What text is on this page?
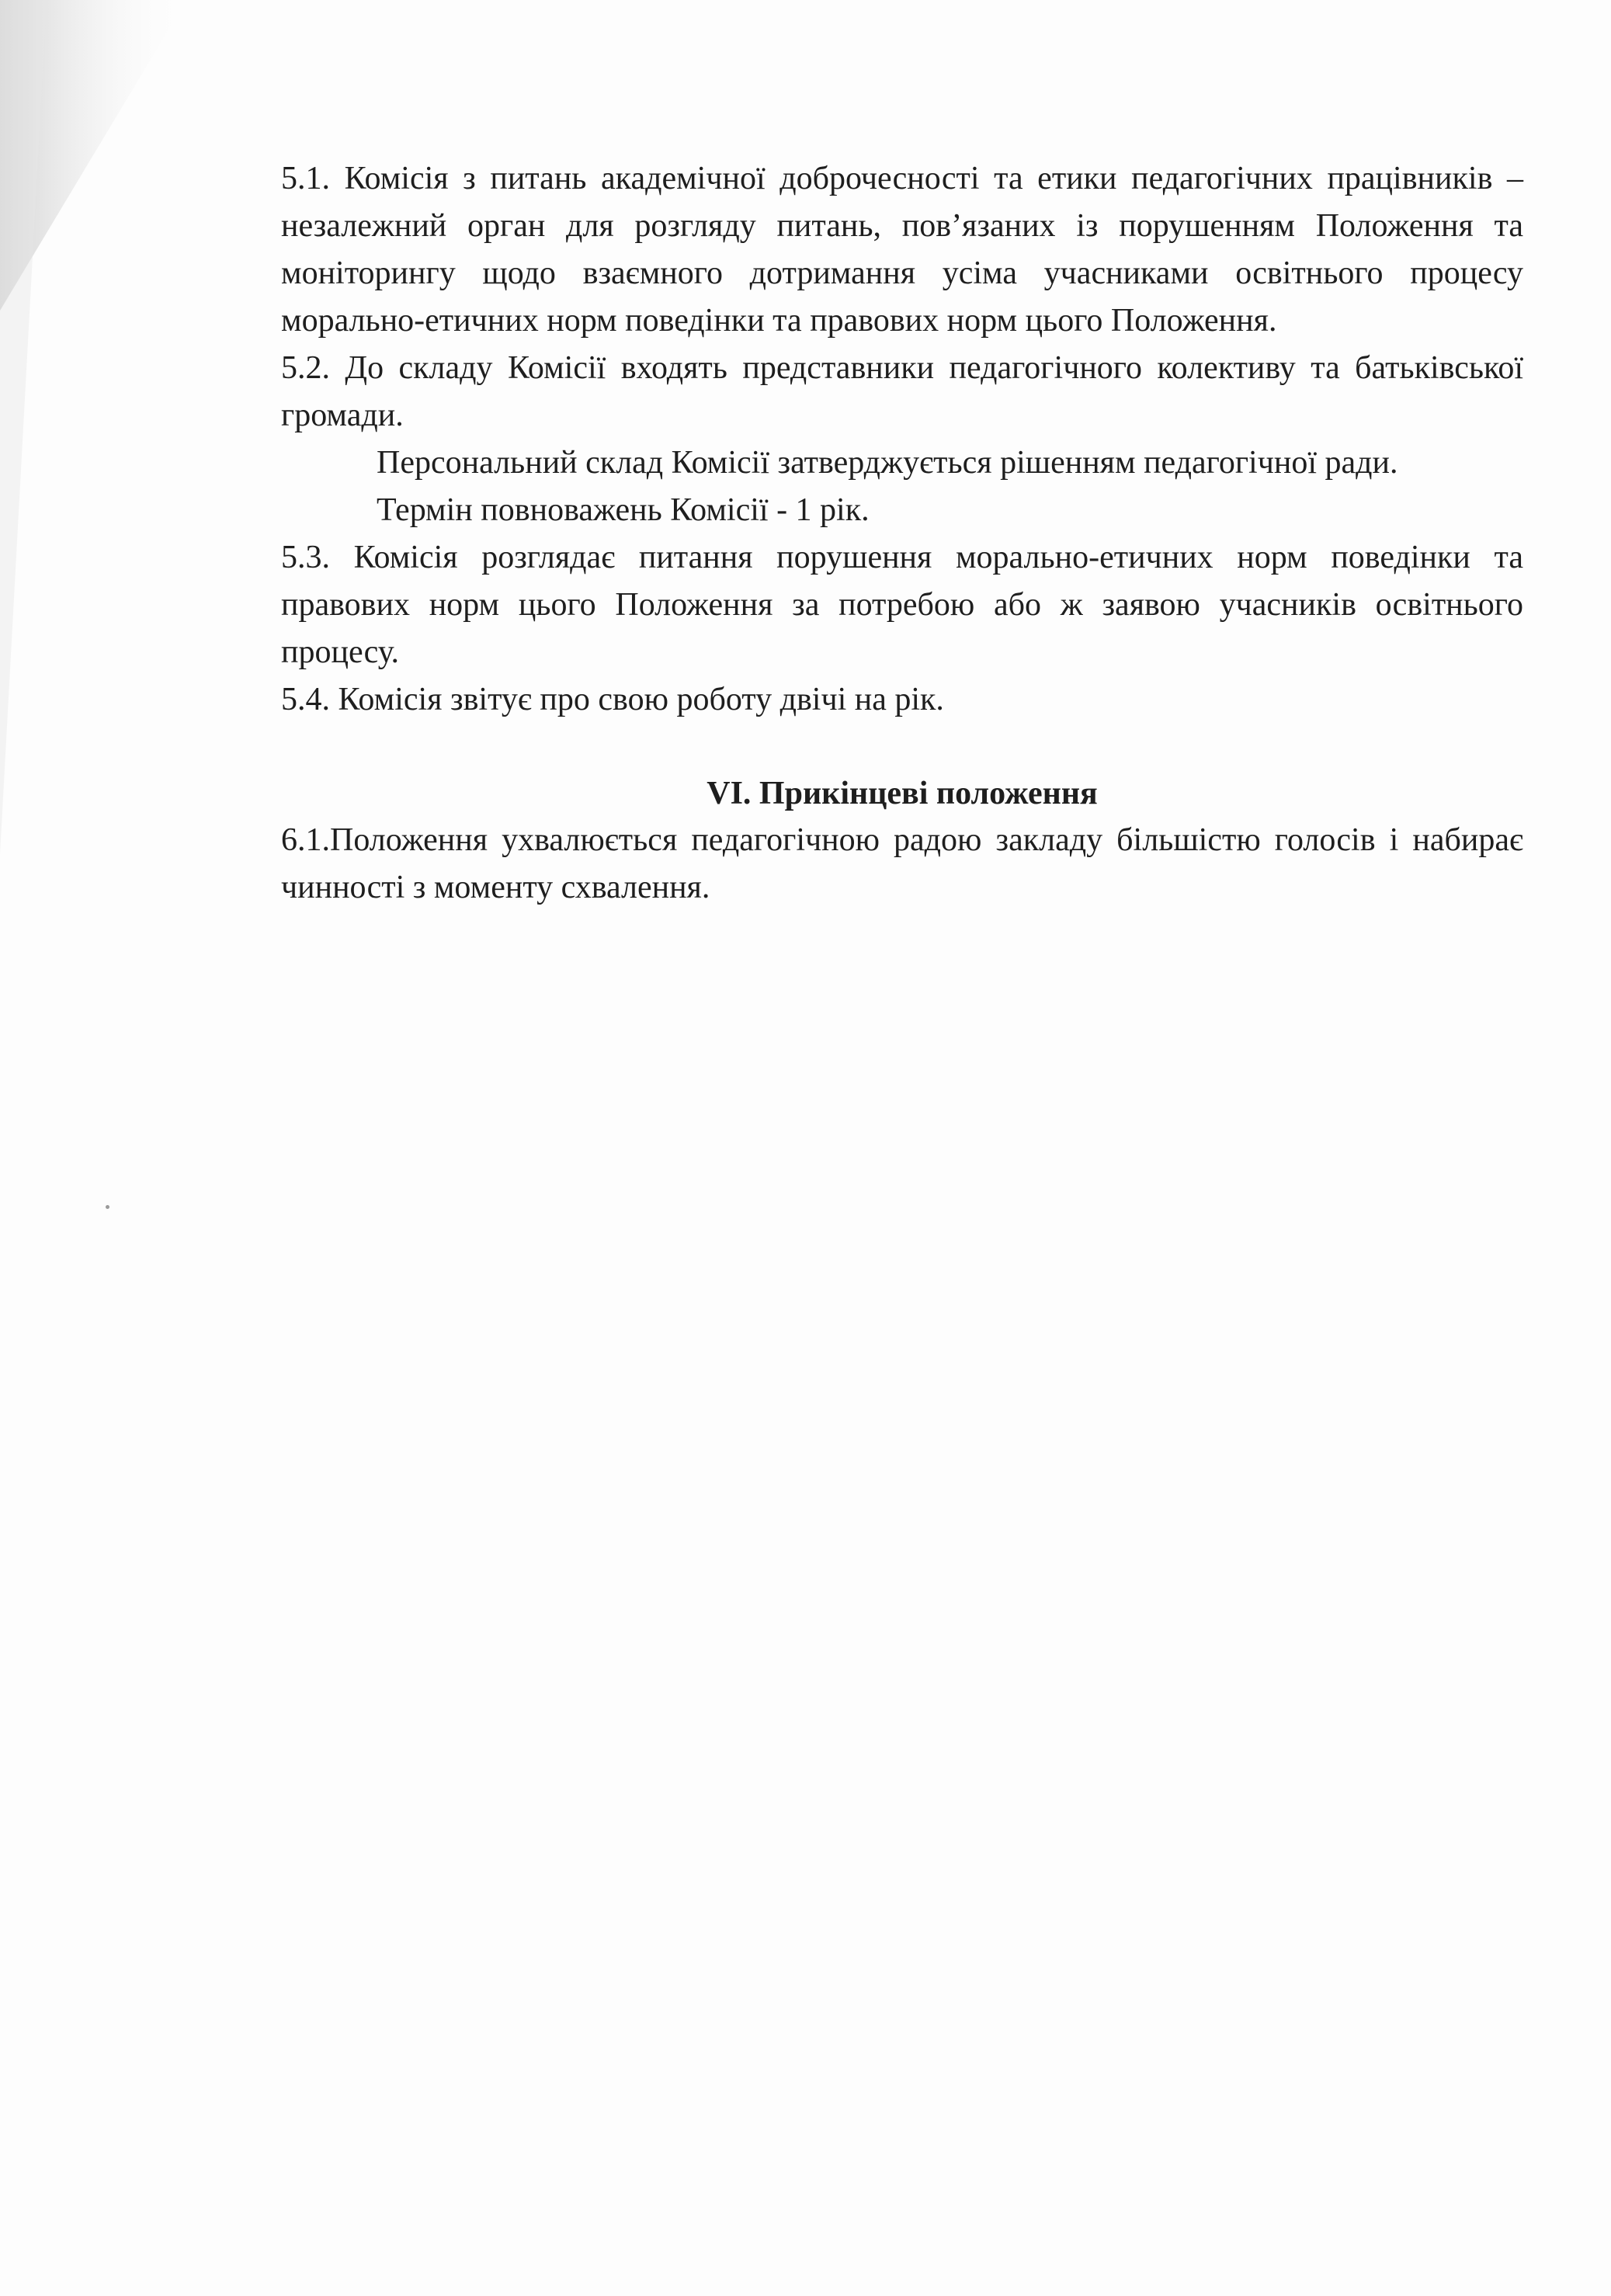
5.1. Комісія з питань академічної доброчесності та етики педагогічних працівників – незалежний орган для розгляду питань, пов’язаних із порушенням Положення та моніторингу щодо взаємного дотримання усіма учасниками освітнього процесу морально-етичних норм поведінки та правових норм цього Положення.

5.2. До складу Комісії входять представники педагогічного колективу та батьківської громади.

Персональний склад Комісії затверджується рішенням педагогічної ради.

Термін повноважень Комісії - 1 рік.

5.3. Комісія розглядає питання порушення морально-етичних норм поведінки та правових норм цього Положення за потребою або ж заявою учасників освітнього процесу.

5.4. Комісія звітує про свою роботу двічі на рік.

VI. Прикінцеві положення

6.1.Положення ухвалюється педагогічною радою закладу більшістю голосів і набирає чинності з моменту схвалення.
